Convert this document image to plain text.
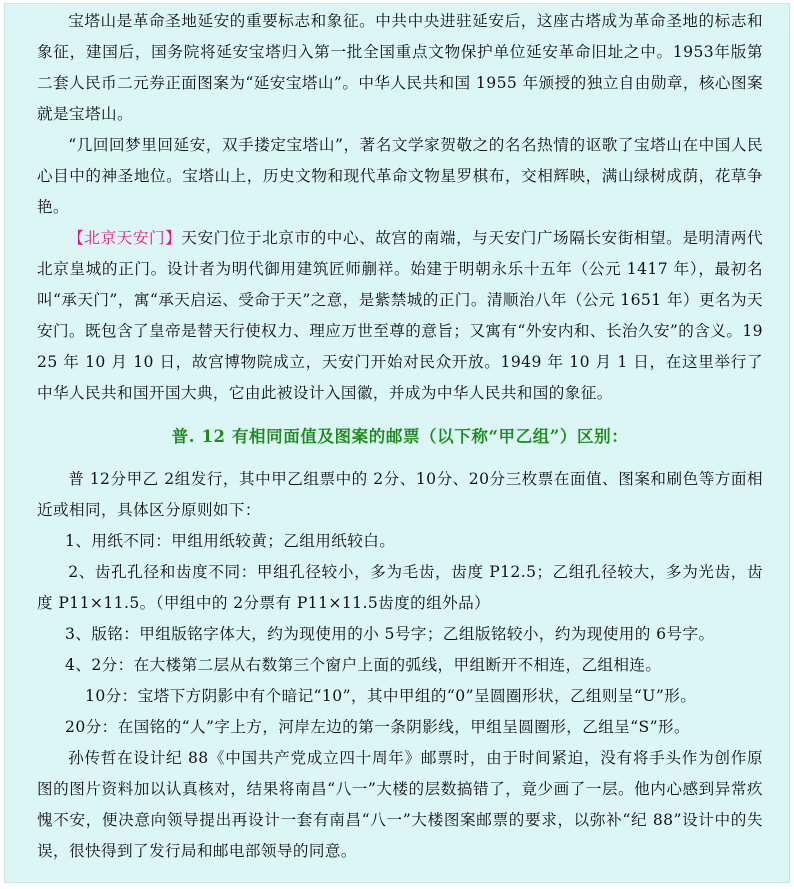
宝塔山是革命圣地延安的重要标志和象征。中共中央进驻延安后，这座古塔成为革命圣地的标志和象征，建国后，国务院将延安宝塔归入第一批全国重点文物保护单位延安革命旧址之中。1953年版第二套人民币二元券正面图案为“延安宝塔山”。中华人民共和国 1955 年颁授的独立自由勋章，核心图案就是宝塔山。

“几回回梦里回延安，双手搂定宝塔山”，著名文学家贺敬之的名名热情的讴歌了宝塔山在中国人民心目中的神圣地位。宝塔山上，历史文物和现代革命文物星罗棋布，交相辉映，满山绿树成荫，花草争艳。

【北京天安门】天安门位于北京市的中心、故宫的南端，与天安门广场隔长安街相望。是明清两代北京皇城的正门。设计者为明代御用建筑匠师蒯祥。始建于明朝永乐十五年（公元 1417 年），最初名叫“承天门”，寓“承天启运、受命于天”之意，是紫禁城的正门。清顺治八年（公元 1651 年）更名为天安门。既包含了皇帝是替天行使权力、理应万世至尊的意旨；又寓有“外安内和、长治久安”的含义。1925 年 10 月 10 日，故宫博物院成立，天安门开始对民众开放。1949 年 10 月 1 日，在这里举行了中华人民共和国开国大典，它由此被设计入国徽，并成为中华人民共和国的象征。

普. 12 有相同面值及图案的邮票（以下称“甲乙组”）区别：

普 12分甲乙 2组发行，其中甲乙组票中的 2分、10分、20分三枚票在面值、图案和刷色等方面相近或相同，具体区分原则如下：

1、用纸不同：甲组用纸较黄；乙组用纸较白。

2、齿孔孔径和齿度不同：甲组孔径较小，多为毛齿，齿度 P12.5；乙组孔径较大，多为光齿，齿度 P11×11.5。（甲组中的 2分票有 P11×11.5齿度的组外品）

3、版铭：甲组版铭字体大，约为现使用的小 5号字；乙组版铭较小，约为现使用的 6号字。

4、2分：在大楼第二层从右数第三个窗户上面的弧线，甲组断开不相连，乙组相连。

10分：宝塔下方阴影中有个暗记“10”，其中甲组的“0”呈圆圈形状，乙组则呈“U”形。

20分：在国铭的“人”字上方，河岸左边的第一条阴影线，甲组呈圆圈形，乙组呈“S”形。

孙传哲在设计纪 88《中国共产党成立四十周年》邮票时，由于时间紧迫，没有将手头作为创作原图的图片资料加以认真核对，结果将南昌“八一”大楼的层数搞错了，竟少画了一层。他内心感到异常疚愧不安，便决意向领导提出再设计一套有南昌“八一”大楼图案邮票的要求，以弥补“纪 88”设计中的失误，很快得到了发行局和邮电部领导的同意。
